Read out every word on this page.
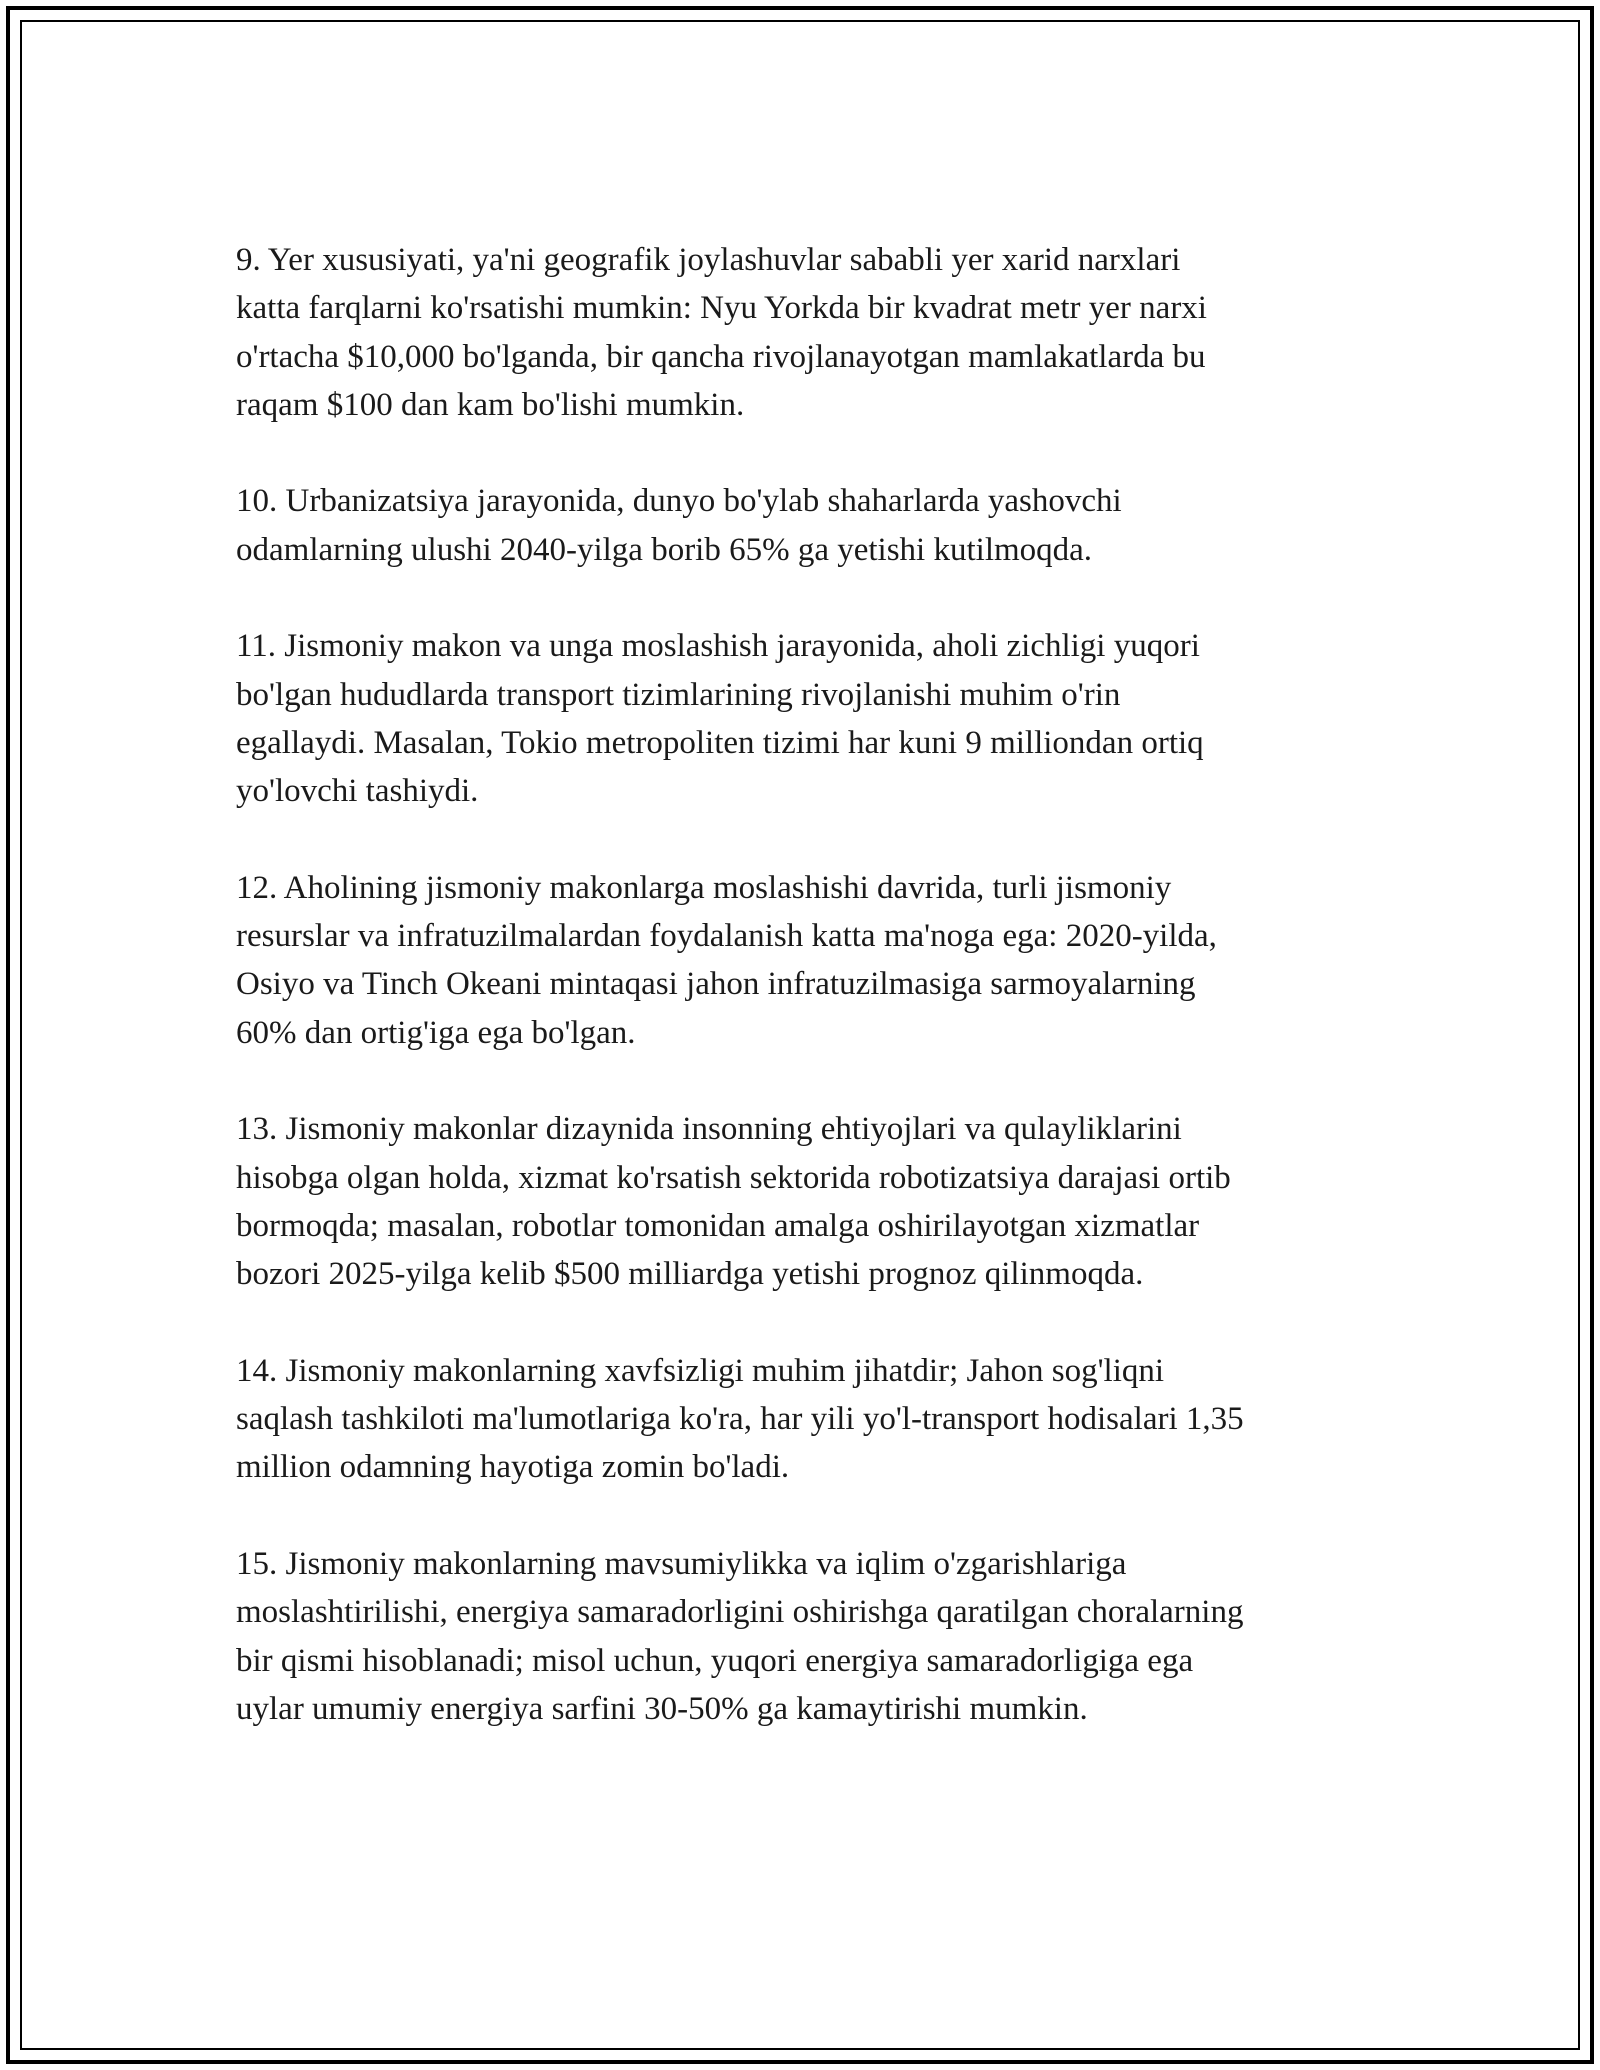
9. Yer xususiyati, ya'ni geografik joylashuvlar sababli yer xarid narxlari
katta farqlarni ko'rsatishi mumkin: Nyu Yorkda bir kvadrat metr yer narxi
o'rtacha $10,000 bo'lganda, bir qancha rivojlanayotgan mamlakatlarda bu
raqam $100 dan kam bo'lishi mumkin.

10. Urbanizatsiya jarayonida, dunyo bo'ylab shaharlarda yashovchi
odamlarning ulushi 2040-yilga borib 65% ga yetishi kutilmoqda.

11. Jismoniy makon va unga moslashish jarayonida, aholi zichligi yuqori
bo'lgan hududlarda transport tizimlarining rivojlanishi muhim o'rin
egallaydi. Masalan, Tokio metropoliten tizimi har kuni 9 milliondan ortiq
yo'lovchi tashiydi.

12. Aholining jismoniy makonlarga moslashishi davrida, turli jismoniy
resurslar va infratuzilmalardan foydalanish katta ma'noga ega: 2020-yilda,
Osiyo va Tinch Okeani mintaqasi jahon infratuzilmasiga sarmoyalarning
60% dan ortig'iga ega bo'lgan.

13. Jismoniy makonlar dizaynida insonning ehtiyojlari va qulayliklarini
hisobga olgan holda, xizmat ko'rsatish sektorida robotizatsiya darajasi ortib
bormoqda; masalan, robotlar tomonidan amalga oshirilayotgan xizmatlar
bozori 2025-yilga kelib $500 milliardga yetishi prognoz qilinmoqda.

14. Jismoniy makonlarning xavfsizligi muhim jihatdir; Jahon sog'liqni
saqlash tashkiloti ma'lumotlariga ko'ra, har yili yo'l-transport hodisalari 1,35
million odamning hayotiga zomin bo'ladi.

15. Jismoniy makonlarning mavsumiylikka va iqlim o'zgarishlariga
moslashtirilishi, energiya samaradorligini oshirishga qaratilgan choralarning
bir qismi hisoblanadi; misol uchun, yuqori energiya samaradorligiga ega
uylar umumiy energiya sarfini 30-50% ga kamaytirishi mumkin.
